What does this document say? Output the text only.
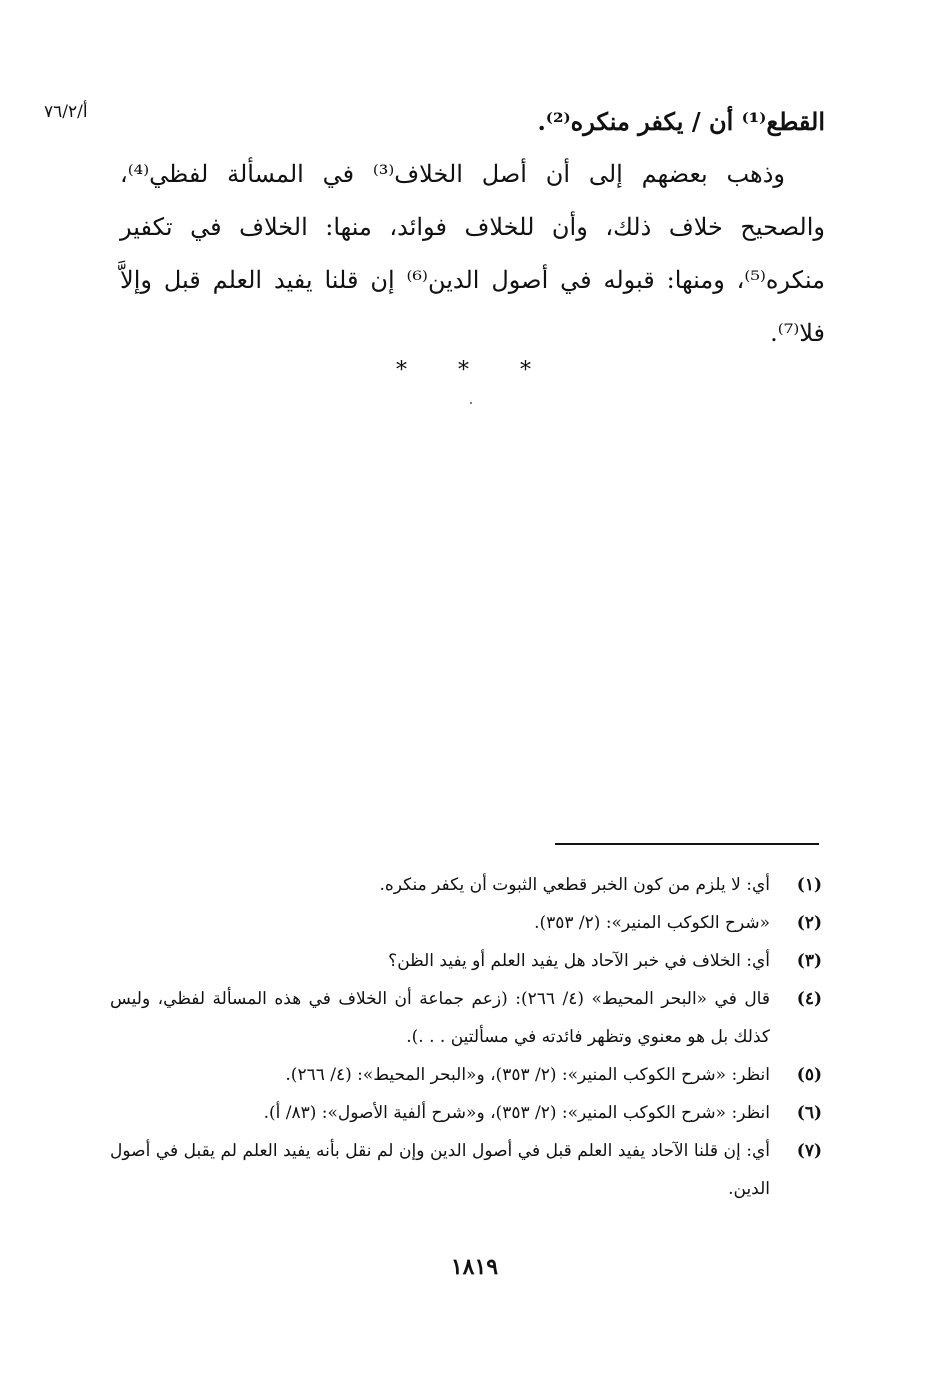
أ/٧٦/٢	القطع⁽¹⁾ أن / يكفر منكره⁽²⁾.

وذهب بعضهم إلى أن أصل الخلاف⁽³⁾ في المسألة لفظي⁽⁴⁾، والصحيح خلاف ذلك، وأن للخلاف فوائد، منها: الخلاف في تكفير منكره⁽⁵⁾، ومنها: قبوله في أصول الدين⁽⁶⁾ إن قلنا يفيد العلم قبل وإلاَّ فلا⁽⁷⁾.

* * *
(١)
أي: لا يلزم من كون الخبر قطعي الثبوت أن يكفر منكره.
(٢)
«شرح الكوكب المنير»: (٢/ ٣٥٣).
(٣)
أي: الخلاف في خبر الآحاد هل يفيد العلم أو يفيد الظن؟
(٤)
قال في «البحر المحيط» (٤/ ٢٦٦): (زعم جماعة أن الخلاف في هذه المسألة لفظي، وليس كذلك بل هو معنوي وتظهر فائدته في مسألتين . . .).
(٥)
انظر: «شرح الكوكب المنير»: (٢/ ٣٥٣)، و«البحر المحيط»: (٤/ ٢٦٦).
(٦)
انظر: «شرح الكوكب المنير»: (٢/ ٣٥٣)، و«شرح ألفية الأصول»: (٨٣/ أ).
(٧)
أي: إن قلنا الآحاد يفيد العلم قبل في أصول الدين وإن لم نقل بأنه يفيد العلم لم يقبل في أصول الدين.
١٨١٩
